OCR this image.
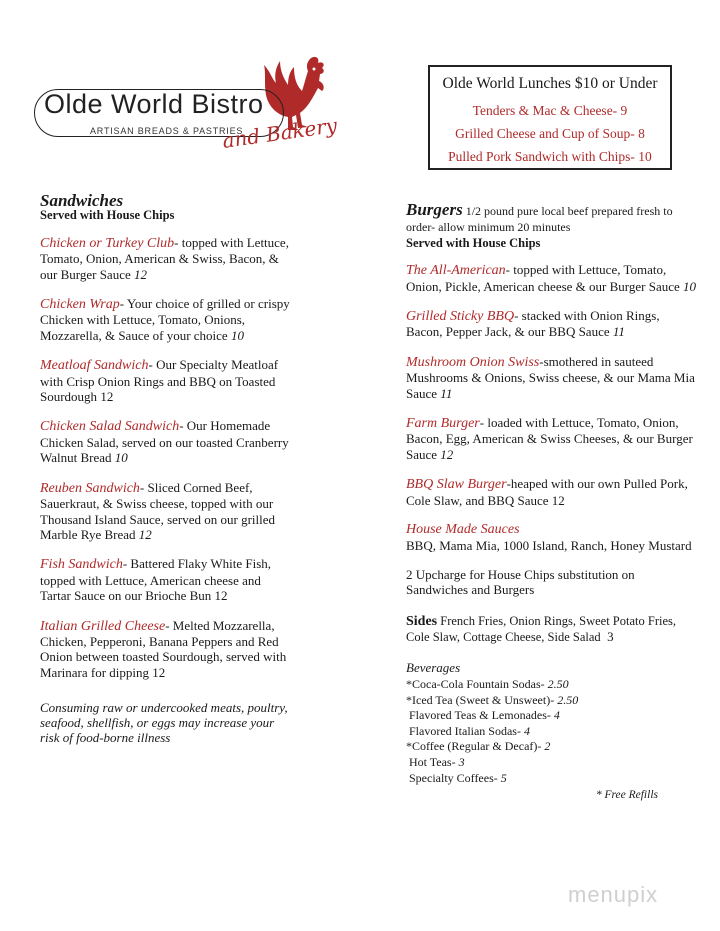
Olde World Bistro
ARTISAN BREADS & PASTRIES
and Bakery
Olde World Lunches $10 or Under
Tenders & Mac & Cheese- 9
Grilled Cheese and Cup of Soup- 8
Pulled Pork Sandwich with Chips- 10
Sandwiches
Served with House Chips
Chicken or Turkey Club- topped with Lettuce, Tomato, Onion, American & Swiss, Bacon, & our Burger Sauce 12
Chicken Wrap- Your choice of grilled or crispy Chicken with Lettuce, Tomato, Onions, Mozzarella, & Sauce of your choice 10
Meatloaf Sandwich- Our Specialty Meatloaf with Crisp Onion Rings and BBQ on Toasted Sourdough 12
Chicken Salad Sandwich- Our Homemade Chicken Salad, served on our toasted Cranberry Walnut Bread 10
Reuben Sandwich- Sliced Corned Beef, Sauerkraut, & Swiss cheese, topped with our Thousand Island Sauce, served on our grilled Marble Rye Bread 12
Fish Sandwich- Battered Flaky White Fish, topped with Lettuce, American cheese and Tartar Sauce on our Brioche Bun 12
Italian Grilled Cheese- Melted Mozzarella, Chicken, Pepperoni, Banana Peppers and Red Onion between toasted Sourdough, served with Marinara for dipping 12
Consuming raw or undercooked meats, poultry, seafood, shellfish, or eggs may increase your risk of food-borne illness
Burgers 1/2 pound pure local beef prepared fresh to order- allow minimum 20 minutes
Served with House Chips
The All-American- topped with Lettuce, Tomato, Onion, Pickle, American cheese & our Burger Sauce 10
Grilled Sticky BBQ- stacked with Onion Rings, Bacon, Pepper Jack, & our BBQ Sauce 11
Mushroom Onion Swiss-smothered in sauteed Mushrooms & Onions, Swiss cheese, & our Mama Mia Sauce 11
Farm Burger- loaded with Lettuce, Tomato, Onion, Bacon, Egg, American & Swiss Cheeses, & our Burger Sauce 12
BBQ Slaw Burger-heaped with our own Pulled Pork, Cole Slaw, and BBQ Sauce 12
House Made Sauces
BBQ, Mama Mia, 1000 Island, Ranch, Honey Mustard
2 Upcharge for House Chips substitution on Sandwiches and Burgers
Sides French Fries, Onion Rings, Sweet Potato Fries, Cole Slaw, Cottage Cheese, Side Salad 3
Beverages
*Coca-Cola Fountain Sodas- 2.50
*Iced Tea (Sweet & Unsweet)- 2.50
Flavored Teas & Lemonades- 4
Flavored Italian Sodas- 4
*Coffee (Regular & Decaf)- 2
Hot Teas- 3
Specialty Coffees- 5
* Free Refills
menupix
